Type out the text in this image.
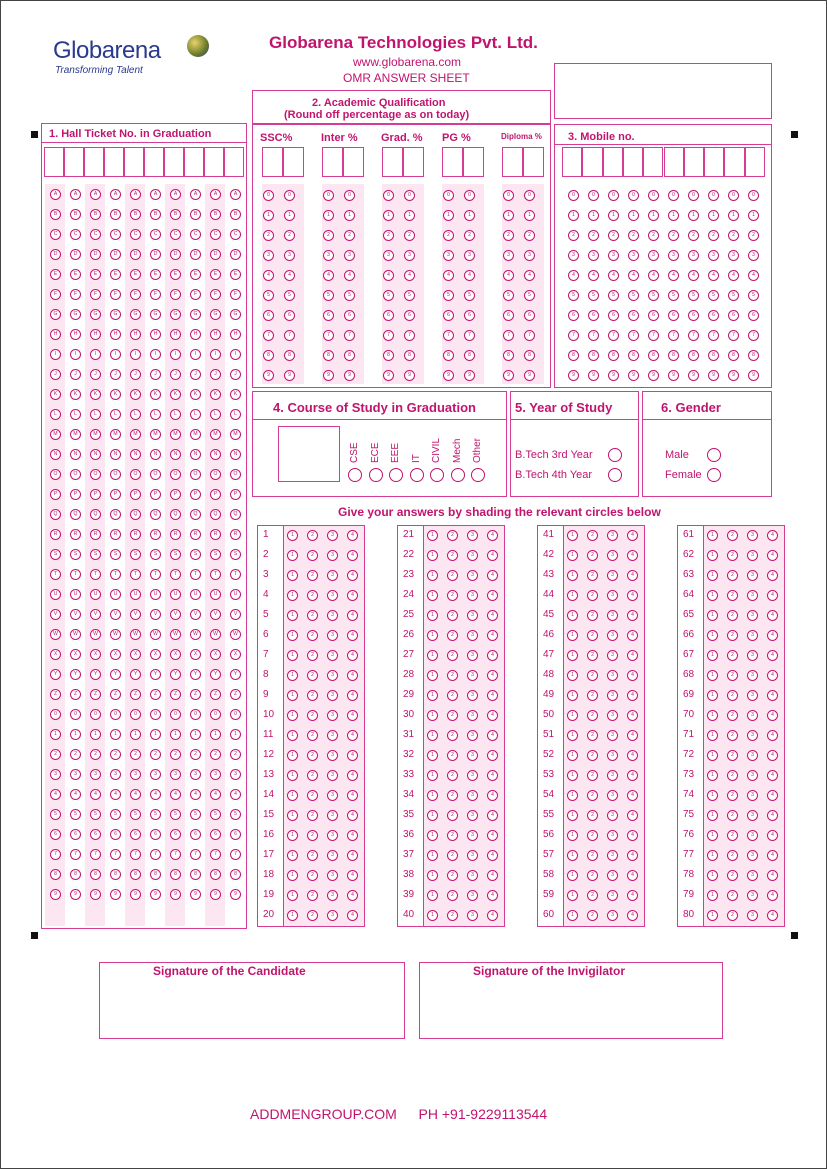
Globarena
Transforming Talent
Globarena Technologies Pvt. Ltd.
www.globarena.com
OMR ANSWER SHEET
1. Hall Ticket No. in Graduation
2. Academic Qualification
(Round off percentage as on today)
3. Mobile no.
4. Course of Study in Graduation	5. Year of Study	6. Gender
Give your answers by shading the relevant circles below
Signature of the Candidate	Signature of the Invigilator
ADDMENGROUP.COM PH +91-9229113544
A	A	A	A	A	A	A	A	A	A
B	B	B	B	B	B	B	B	B	B
C	C	C	C	C	C	C	C	C	C
D	D	D	D	D	D	D	D	D	D
E	E	E	E	E	E	E	E	E	E
F	F	F	F	F	F	F	F	F	F
G	G	G	G	G	G	G	G	G	G
H	H	H	H	H	H	H	H	H	H
I	I	I	I	I	I	I	I	I	I
J	J	J	J	J	J	J	J	J	J
K	K	K	K	K	K	K	K	K	K
L	L	L	L	L	L	L	L	L	L
M	M	M	M	M	M	M	M	M	M
N	N	N	N	N	N	N	N	N	N
O	O	O	O	O	O	O	O	O	O
P	P	P	P	P	P	P	P	P	P
Q	Q	Q	Q	Q	Q	Q	Q	Q	Q
R	R	R	R	R	R	R	R	R	R
S	S	S	S	S	S	S	S	S	S
T	T	T	T	T	T	T	T	T	T
U	U	U	U	U	U	U	U	U	U
V	V	V	V	V	V	V	V	V	V
W	W	W	W	W	W	W	W	W	W
X	X	X	X	X	X	X	X	X	X
Y	Y	Y	Y	Y	Y	Y	Y	Y	Y
Z	Z	Z	Z	Z	Z	Z	Z	Z	Z
0	0	0	0	0	0	0	0	0	0
1	1	1	1	1	1	1	1	1	1
2	2	2	2	2	2	2	2	2	2
3	3	3	3	3	3	3	3	3	3
4	4	4	4	4	4	4	4	4	4
5	5	5	5	5	5	5	5	5	5
6	6	6	6	6	6	6	6	6	6
7	7	7	7	7	7	7	7	7	7
8	8	8	8	8	8	8	8	8	8
9	9	9	9	9	9	9	9	9	9
SSC%
0	0
1	1
2	2
3	3
4	4
5	5
6	6
7	7
8	8
9	9
Inter %
0	0
1	1
2	2
3	3
4	4
5	5
6	6
7	7
8	8
9	9
Grad. %
0	0
1	1
2	2
3	3
4	4
5	5
6	6
7	7
8	8
9	9
PG %
0	0
1	1
2	2
3	3
4	4
5	5
6	6
7	7
8	8
9	9
Diploma %
0	0
1	1
2	2
3	3
4	4
5	5
6	6
7	7
8	8
9	9
0	0	0	0	0	0	0	0	0	0
1	1	1	1	1	1	1	1	1	1
2	2	2	2	2	2	2	2	2	2
3	3	3	3	3	3	3	3	3	3
4	4	4	4	4	4	4	4	4	4
5	5	5	5	5	5	5	5	5	5
6	6	6	6	6	6	6	6	6	6
7	7	7	7	7	7	7	7	7	7
8	8	8	8	8	8	8	8	8	8
9	9	9	9	9	9	9	9	9	9
CSE ECE EEE IT CIVIL Mech Other	B.Tech 3rd Year
B.Tech 4th Year
Male
Female
1	1	2	3	4
2	1	2	3	4
3	1	2	3	4
4	1	2	3	4
5	1	2	3	4
6	1	2	3	4
7	1	2	3	4
8	1	2	3	4
9	1	2	3	4
10	1	2	3	4
11	1	2	3	4
12	1	2	3	4
13	1	2	3	4
14	1	2	3	4
15	1	2	3	4
16	1	2	3	4
17	1	2	3	4
18	1	2	3	4
19	1	2	3	4
20	1	2	3	4
21	1	2	3	4
22	1	2	3	4
23	1	2	3	4
24	1	2	3	4
25	1	2	3	4
26	1	2	3	4
27	1	2	3	4
28	1	2	3	4
29	1	2	3	4
30	1	2	3	4
31	1	2	3	4
32	1	2	3	4
33	1	2	3	4
34	1	2	3	4
35	1	2	3	4
36	1	2	3	4
37	1	2	3	4
38	1	2	3	4
39	1	2	3	4
40	1	2	3	4
41	1	2	3	4
42	1	2	3	4
43	1	2	3	4
44	1	2	3	4
45	1	2	3	4
46	1	2	3	4
47	1	2	3	4
48	1	2	3	4
49	1	2	3	4
50	1	2	3	4
51	1	2	3	4
52	1	2	3	4
53	1	2	3	4
54	1	2	3	4
55	1	2	3	4
56	1	2	3	4
57	1	2	3	4
58	1	2	3	4
59	1	2	3	4
60	1	2	3	4
61	1	2	3	4
62	1	2	3	4
63	1	2	3	4
64	1	2	3	4
65	1	2	3	4
66	1	2	3	4
67	1	2	3	4
68	1	2	3	4
69	1	2	3	4
70	1	2	3	4
71	1	2	3	4
72	1	2	3	4
73	1	2	3	4
74	1	2	3	4
75	1	2	3	4
76	1	2	3	4
77	1	2	3	4
78	1	2	3	4
79	1	2	3	4
80	1	2	3	4
